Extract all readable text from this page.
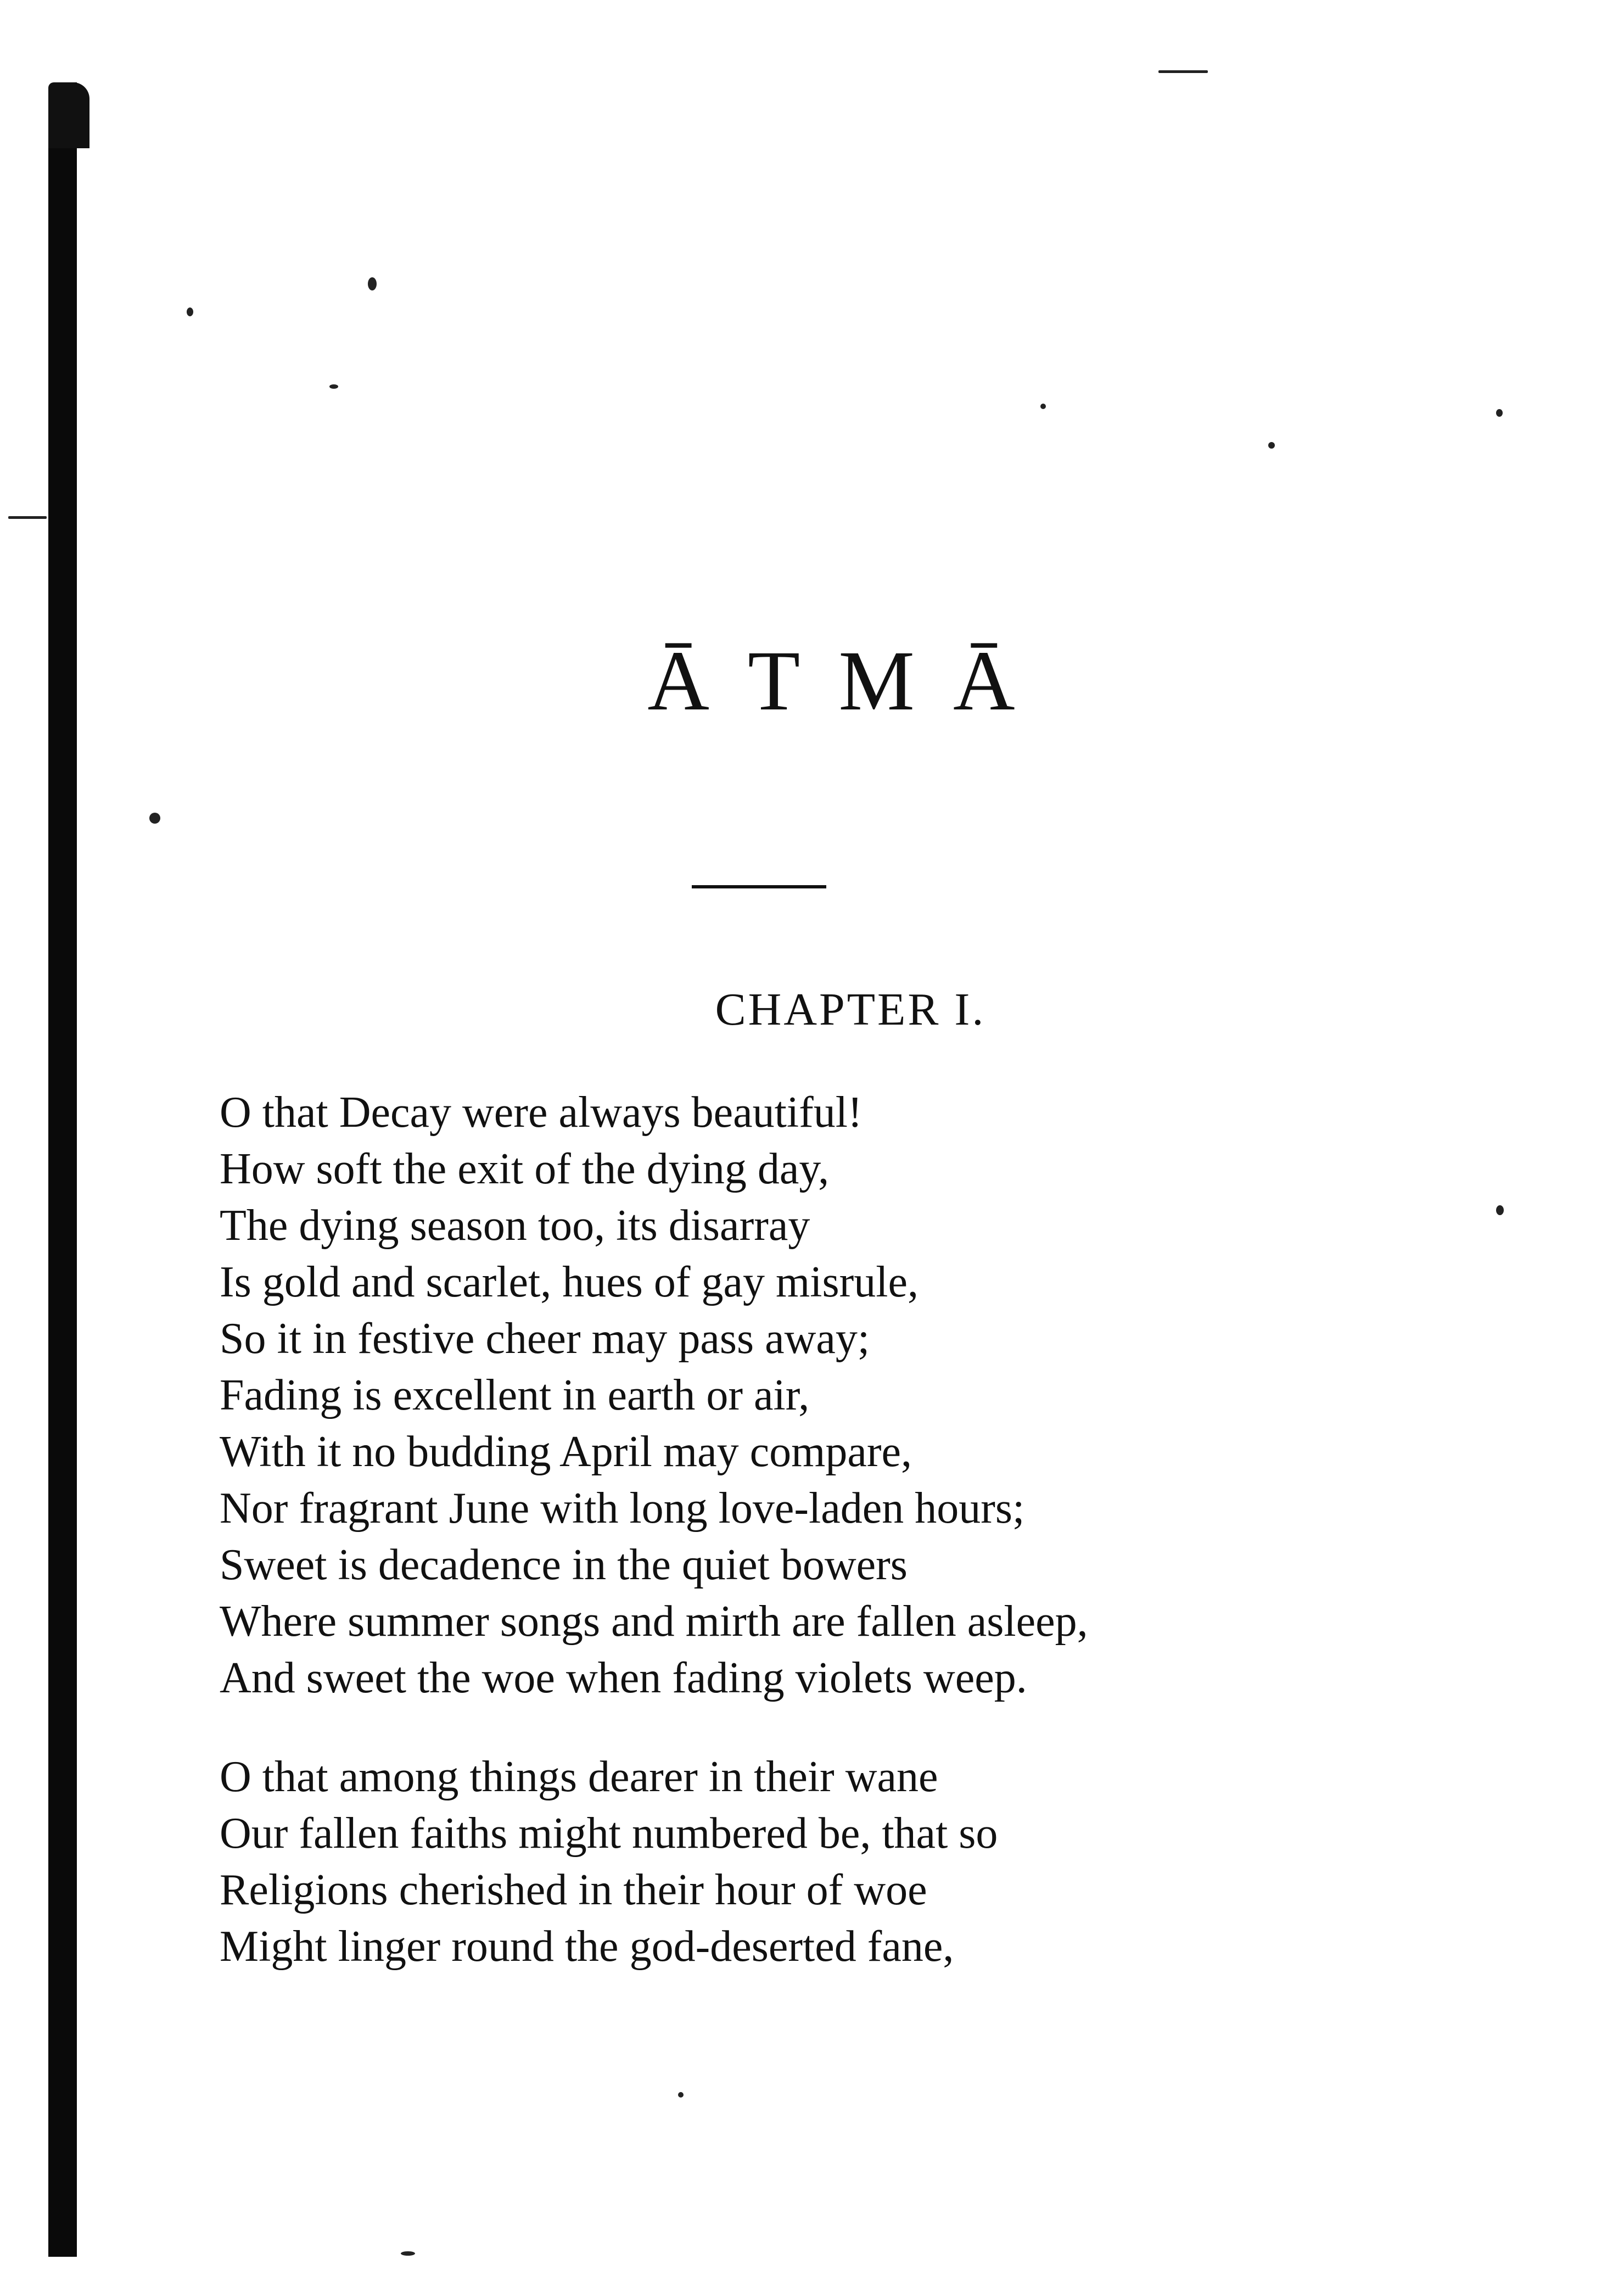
ĀTMĀ
CHAPTER I.
O that Decay were always beautiful!
How soft the exit of the dying day,
The dying season too, its disarray
Is gold and scarlet, hues of gay misrule,
So it in festive cheer may pass away;
Fading is excellent in earth or air,
With it no budding April may compare,
Nor fragrant June with long love-laden hours;
Sweet is decadence in the quiet bowers
Where summer songs and mirth are fallen asleep,
And sweet the woe when fading violets weep.
O that among things dearer in their wane
Our fallen faiths might numbered be, that so
Religions cherished in their hour of woe
Might linger round the god-deserted fane,
